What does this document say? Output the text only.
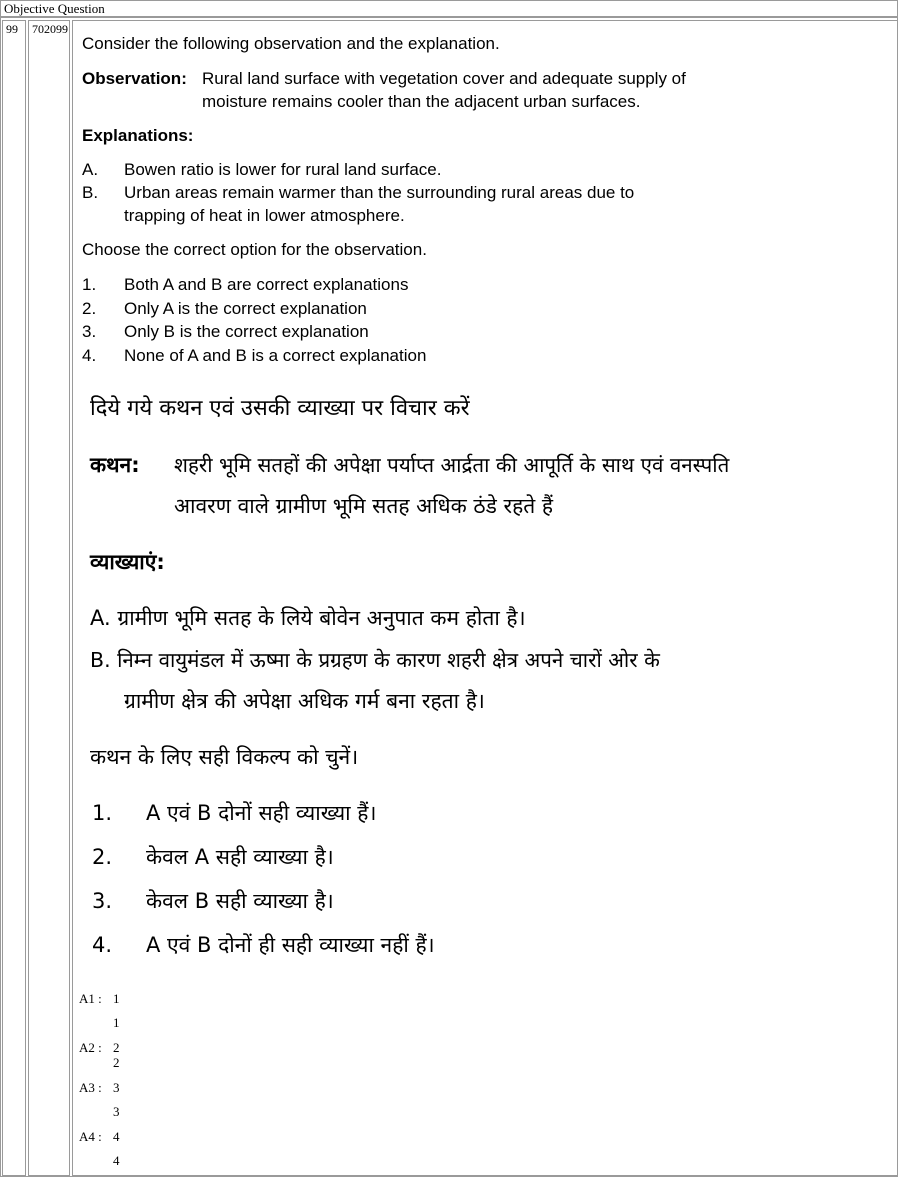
Objective Question
99	702099
Consider the following observation and the explanation.
Observation: Rural land surface with vegetation cover and adequate supply of
moisture remains cooler than the adjacent urban surfaces.
Explanations:
A. Bowen ratio is lower for rural land surface.
B. Urban areas remain warmer than the surrounding rural areas due to
trapping of heat in lower atmosphere.
Choose the correct option for the observation.
1. Both A and B are correct explanations
2. Only A is the correct explanation
3. Only B is the correct explanation
4. None of A and B is a correct explanation
दिये गये कथन एवं उसकी व्याख्या पर विचार करें
कथन: शहरी भूमि सतहों की अपेक्षा पर्याप्त आर्द्रता की आपूर्ति के साथ एवं वनस्पति
आवरण वाले ग्रामीण भूमि सतह अधिक ठंडे रहते हैं
व्याख्याएं:
A. ग्रामीण भूमि सतह के लिये बोवेन अनुपात कम होता है।
B. निम्न वायुमंडल में ऊष्मा के प्रग्रहण के कारण शहरी क्षेत्र अपने चारों ओर के
ग्रामीण क्षेत्र की अपेक्षा अधिक गर्म बना रहता है।
कथन के लिए सही विकल्प को चुनें।
1. A एवं B दोनों सही व्याख्या हैं।
2. केवल A सही व्याख्या है।
3. केवल B सही व्याख्या है।
4. A एवं B दोनों ही सही व्याख्या नहीं हैं।
A1 : 1
1
A2 : 2
2
A3 : 3
3
A4 : 4
4
